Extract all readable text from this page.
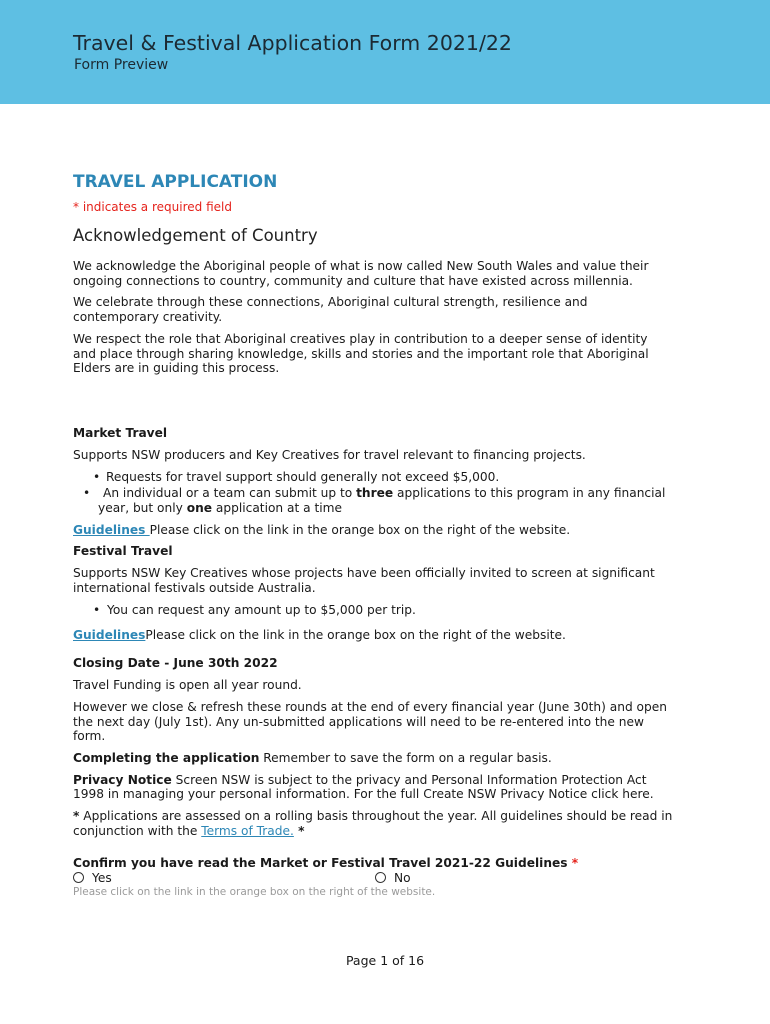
Travel & Festival Application Form 2021/22
Form Preview
TRAVEL APPLICATION
* indicates a required field
Acknowledgement of Country

We acknowledge the Aboriginal people of what is now called New South Wales and value their ongoing connections to country, community and culture that have existed across millennia.

We celebrate through these connections, Aboriginal cultural strength, resilience and contemporary creativity.

We respect the role that Aboriginal creatives play in contribution to a deeper sense of identity and place through sharing knowledge, skills and stories and the important role that Aboriginal Elders are in guiding this process.

Market Travel

Supports NSW producers and Key Creatives for travel relevant to financing projects.

• Requests for travel support should generally not exceed $5,000.
• An individual or a team can submit up to three applications to this program in any financial year, but only one application at a time

Guidelines Please click on the link in the orange box on the right of the website.

Festival Travel

Supports NSW Key Creatives whose projects have been officially invited to screen at significant international festivals outside Australia.

• You can request any amount up to $5,000 per trip.

GuidelinesPlease click on the link in the orange box on the right of the website.

Closing Date - June 30th 2022

Travel Funding is open all year round.

However we close & refresh these rounds at the end of every financial year (June 30th) and open the next day (July 1st). Any un-submitted applications will need to be re-entered into the new form.

Completing the application Remember to save the form on a regular basis.

Privacy Notice Screen NSW is subject to the privacy and Personal Information Protection Act 1998 in managing your personal information. For the full Create NSW Privacy Notice click here.

* Applications are assessed on a rolling basis throughout the year. All guidelines should be read in conjunction with the Terms of Trade. *

Confirm you have read the Market or Festival Travel 2021-22 Guidelines *
Yes	No
Please click on the link in the orange box on the right of the website.
Page 1 of 16
